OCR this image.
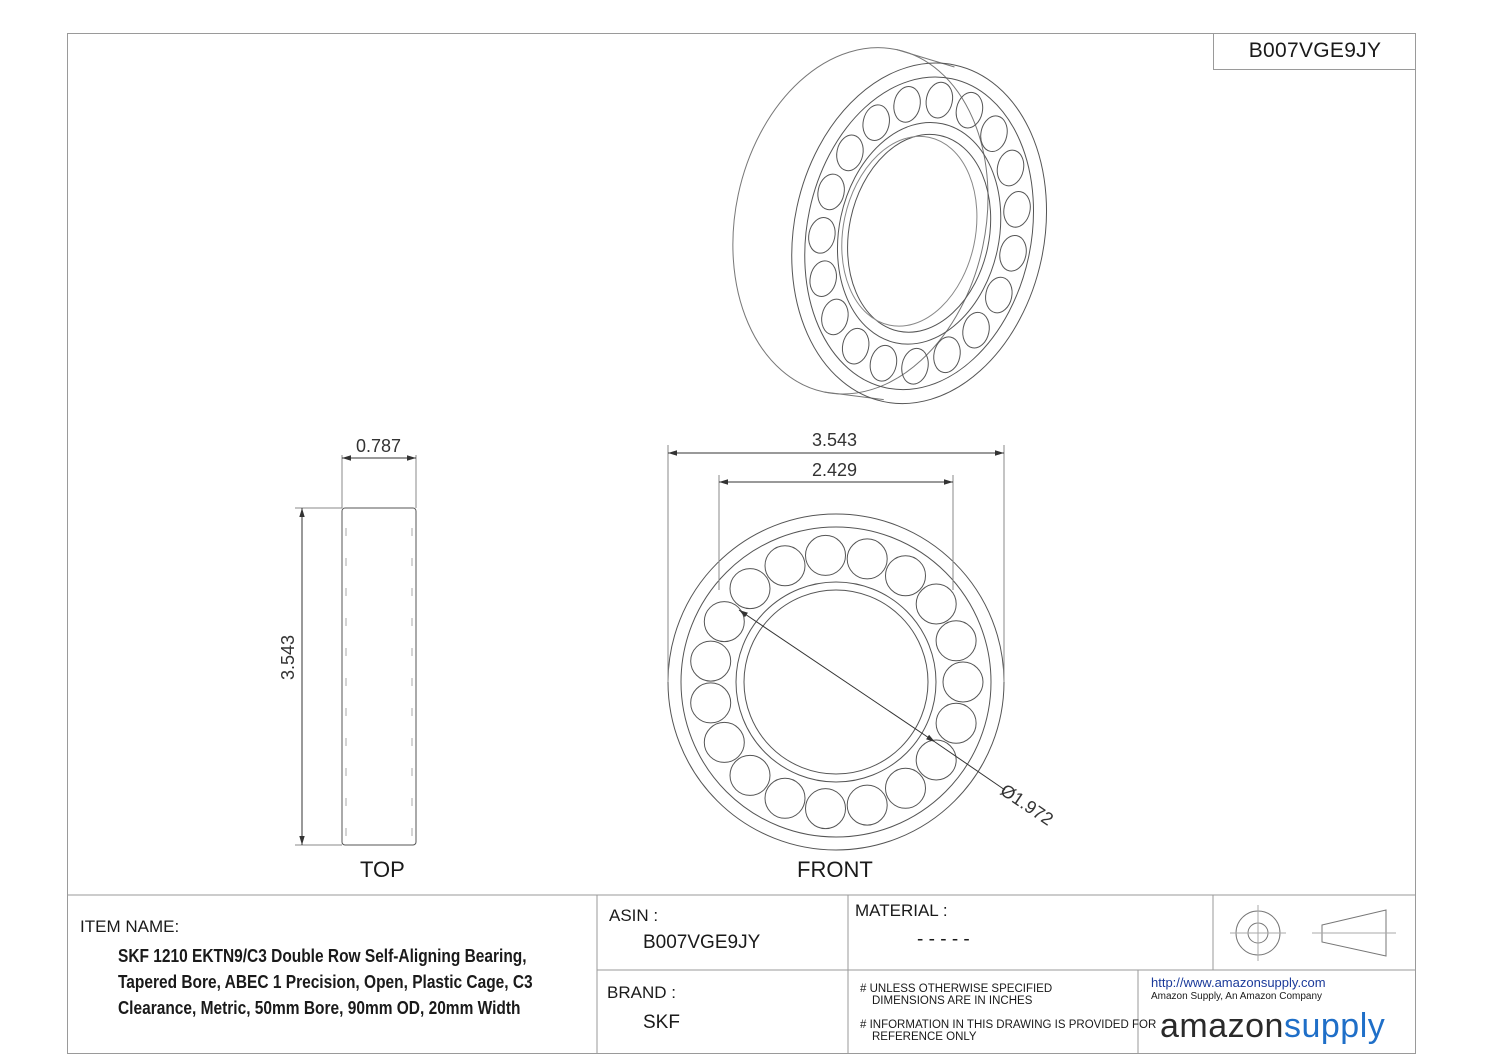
B007VGE9JY
0.787
3.543
3.543
2.429
Ø1.972
TOP	FRONT
ITEM NAME:
SKF 1210 EKTN9/C3 Double Row Self-Aligning Bearing,
Tapered Bore, ABEC 1 Precision, Open, Plastic Cage, C3
Clearance, Metric, 50mm Bore, 90mm OD, 20mm Width
ASIN :
B007VGE9JY
BRAND :
SKF
MATERIAL :
- - - - -
# UNLESS OTHERWISE SPECIFIED
DIMENSIONS ARE IN INCHES
# INFORMATION IN THIS DRAWING IS PROVIDED FOR
REFERENCE ONLY
http://www.amazonsupply.com
Amazon Supply, An Amazon Company
amazonsupply
